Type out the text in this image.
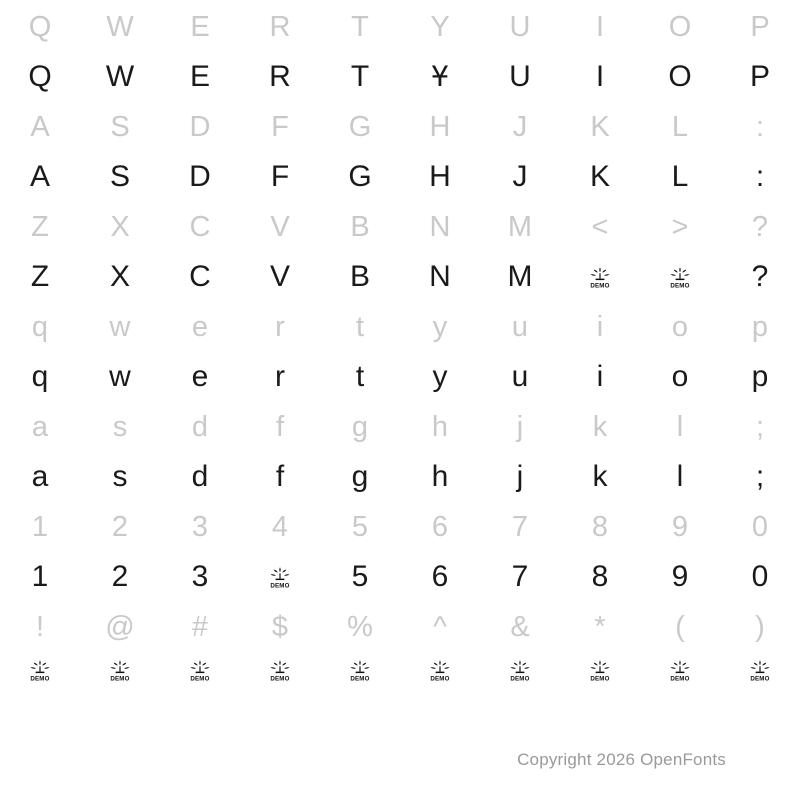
Q	W	E	R	T	Y	U	I	O	P
Q	W	E	R	T	Ұ	U	I	O	P
A	S	D	F	G	H	J	K	L	:
A	S	D	F	G	H	J	K	L	:
Z	X	C	V	B	N	M	<	>	?
Z	X	C	V	B	N	M	DEMO	DEMO	?
q	w	e	r	t	y	u	i	o	p
q	w	e	r	t	y	u	i	o	p
a	s	d	f	g	h	j	k	l	;
a	s	d	f	g	h	j	k	l	;
1	2	3	4	5	6	7	8	9	0
1	2	3	DEMO	5	6	7	8	9	0
!	@	#	$	%	^	&	*	(	)
DEMO	DEMO	DEMO	DEMO	DEMO	DEMO	DEMO	DEMO	DEMO	DEMO
Copyright 2026 OpenFonts
